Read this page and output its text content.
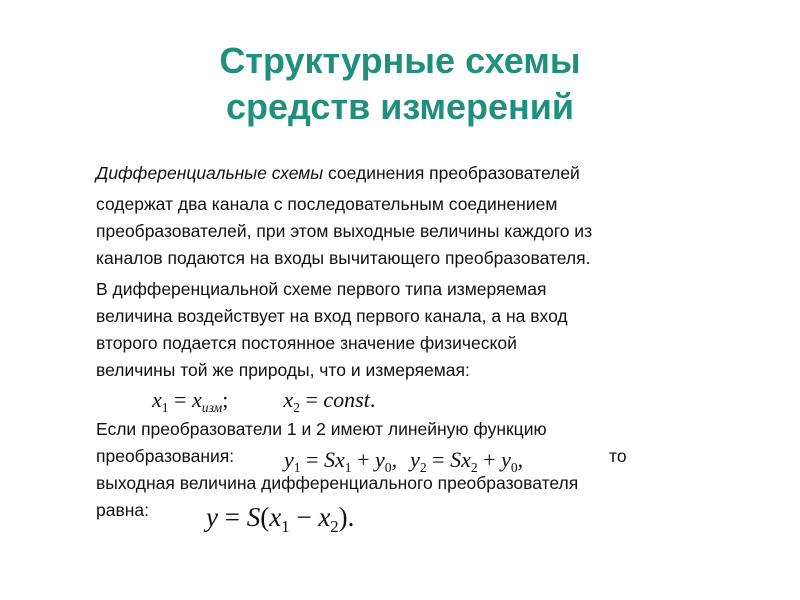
Структурные схемы
средств измерений
Дифференциальные схемы соединения преобразователей
содержат два канала с последовательным соединением
преобразователей, при этом выходные величины каждого из
каналов подаются на входы вычитающего преобразователя.
В дифференциальной схеме первого типа измеряемая
величина воздействует на вход первого канала, а на вход
второго подается постоянное значение физической
величины той же природы, что и измеряемая:
$x_1 = x_{изм}$;	$x_2$ = const.
Если преобразователи 1 и 2 имеют линейную функцию
преобразования:	то
$y_1 = Sx_1 + y_0$, $y_2 = Sx_2 + y_0$,
выходная величина дифференциального преобразователя
равна:	$y = S(x_1 - x_2)$.
